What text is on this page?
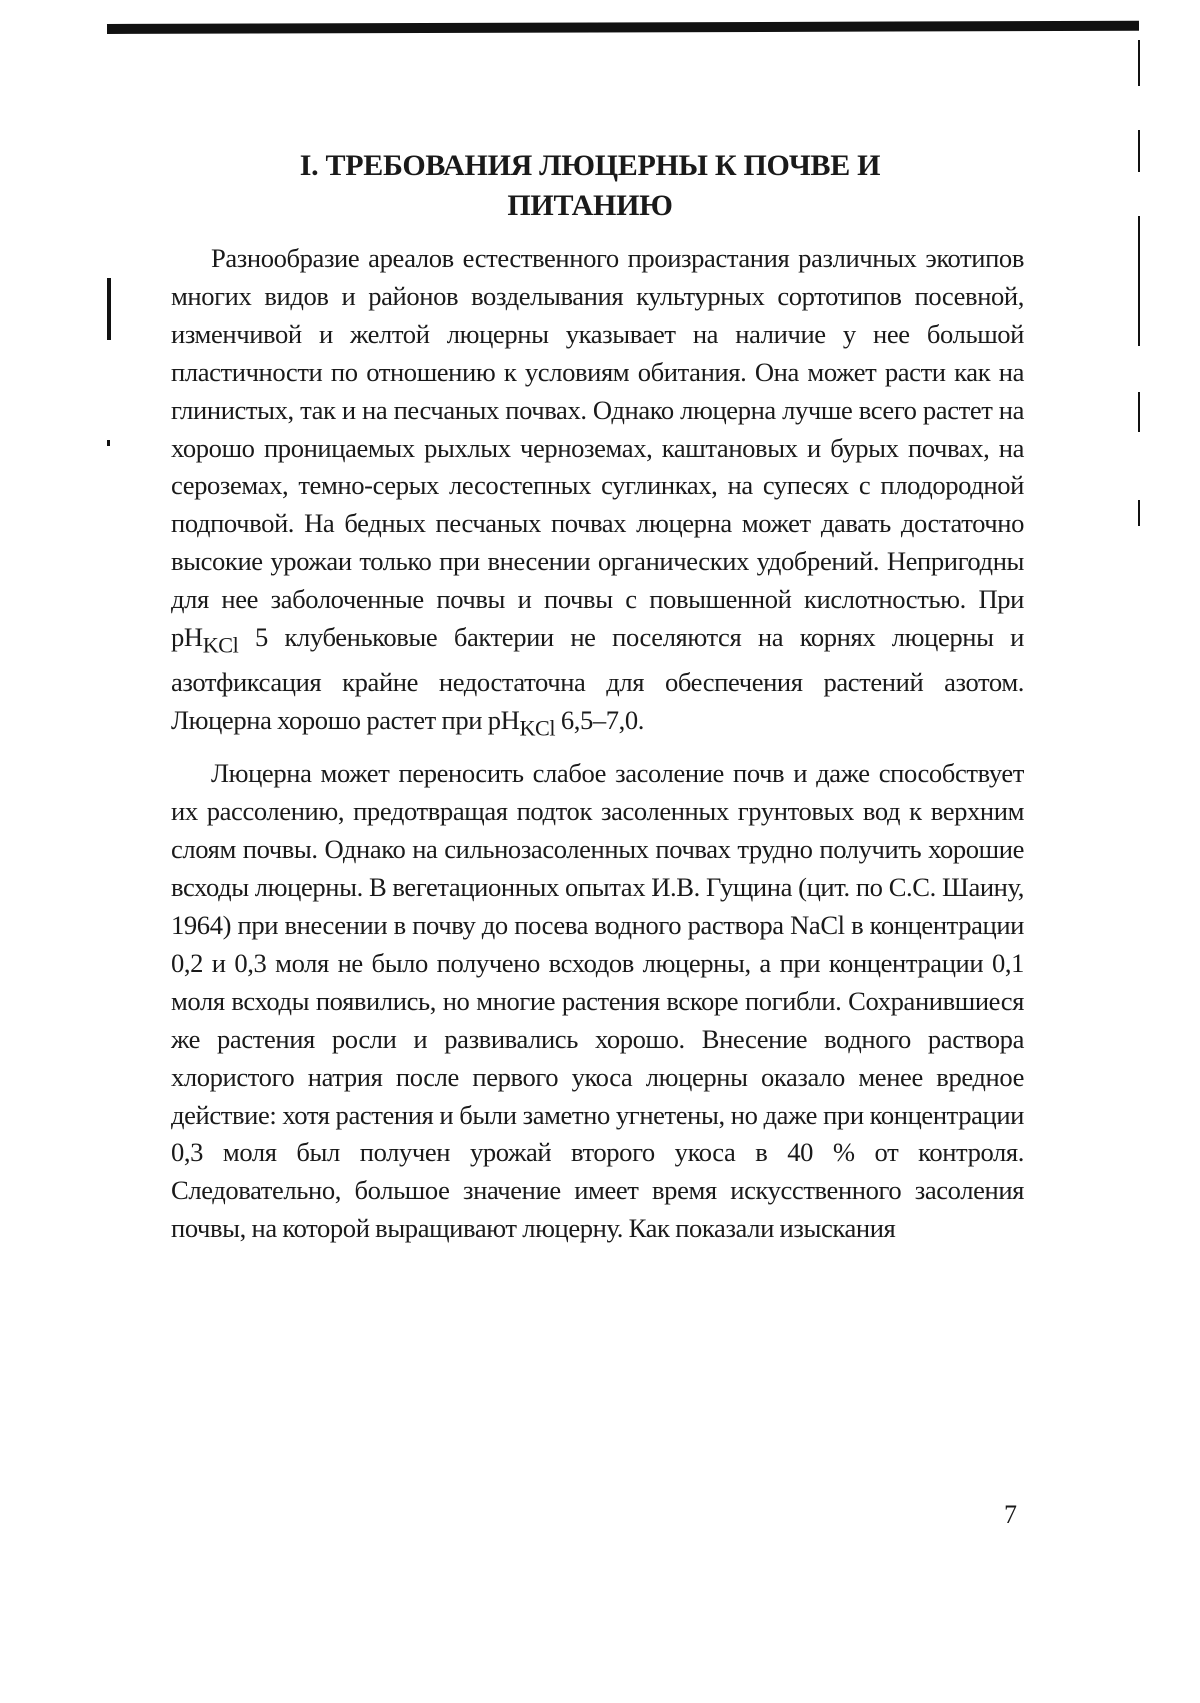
I. ТРЕБОВАНИЯ ЛЮЦЕРНЫ К ПОЧВЕ И
ПИТАНИЮ

Разнообразие ареалов естественного произрастания различных экотипов многих видов и районов возделывания культурных сортотипов посевной, изменчивой и желтой люцерны указывает на наличие у нее большой пластичности по отношению к условиям обитания. Она может расти как на глинистых, так и на песчаных почвах. Однако люцерна лучше всего растет на хорошо проницаемых рыхлых черноземах, каштановых и бурых почвах, на сероземах, темно-серых лесостепных суглинках, на супесях с плодородной подпочвой. На бедных песчаных почвах люцерна может давать достаточно высокие урожаи только при внесении органических удобрений. Непригодны для нее заболоченные почвы и почвы с повышенной кислотностью. При $pH_{KCl}$ 5 клубеньковые бактерии не поселяются на корнях люцерны и азотфиксация крайне недостаточна для обеспечения растений азотом. Люцерна хорошо растет при $pH_{KCl}$ 6,5–7,0.

Люцерна может переносить слабое засоление почв и даже способствует их рассолению, предотвращая подток засоленных грунтовых вод к верхним слоям почвы. Однако на сильнозасоленных почвах трудно получить хорошие всходы люцерны. В вегетационных опытах И.В. Гущина (цит. по С.С. Шаину, 1964) при внесении в почву до посева водного раствора NaCl в концентрации 0,2 и 0,3 моля не было получено всходов люцерны, а при концентрации 0,1 моля всходы появились, но многие растения вскоре погибли. Сохранившиеся же растения росли и развивались хорошо. Внесение водного раствора хлористого натрия после первого укоса люцерны оказало менее вредное действие: хотя растения и были заметно угнетены, но даже при концентрации 0,3 моля был получен урожай второго укоса в 40 % от контроля. Следовательно, большое значение имеет время искусственного засоления почвы, на которой выращивают люцерну. Как показали изыскания

7
